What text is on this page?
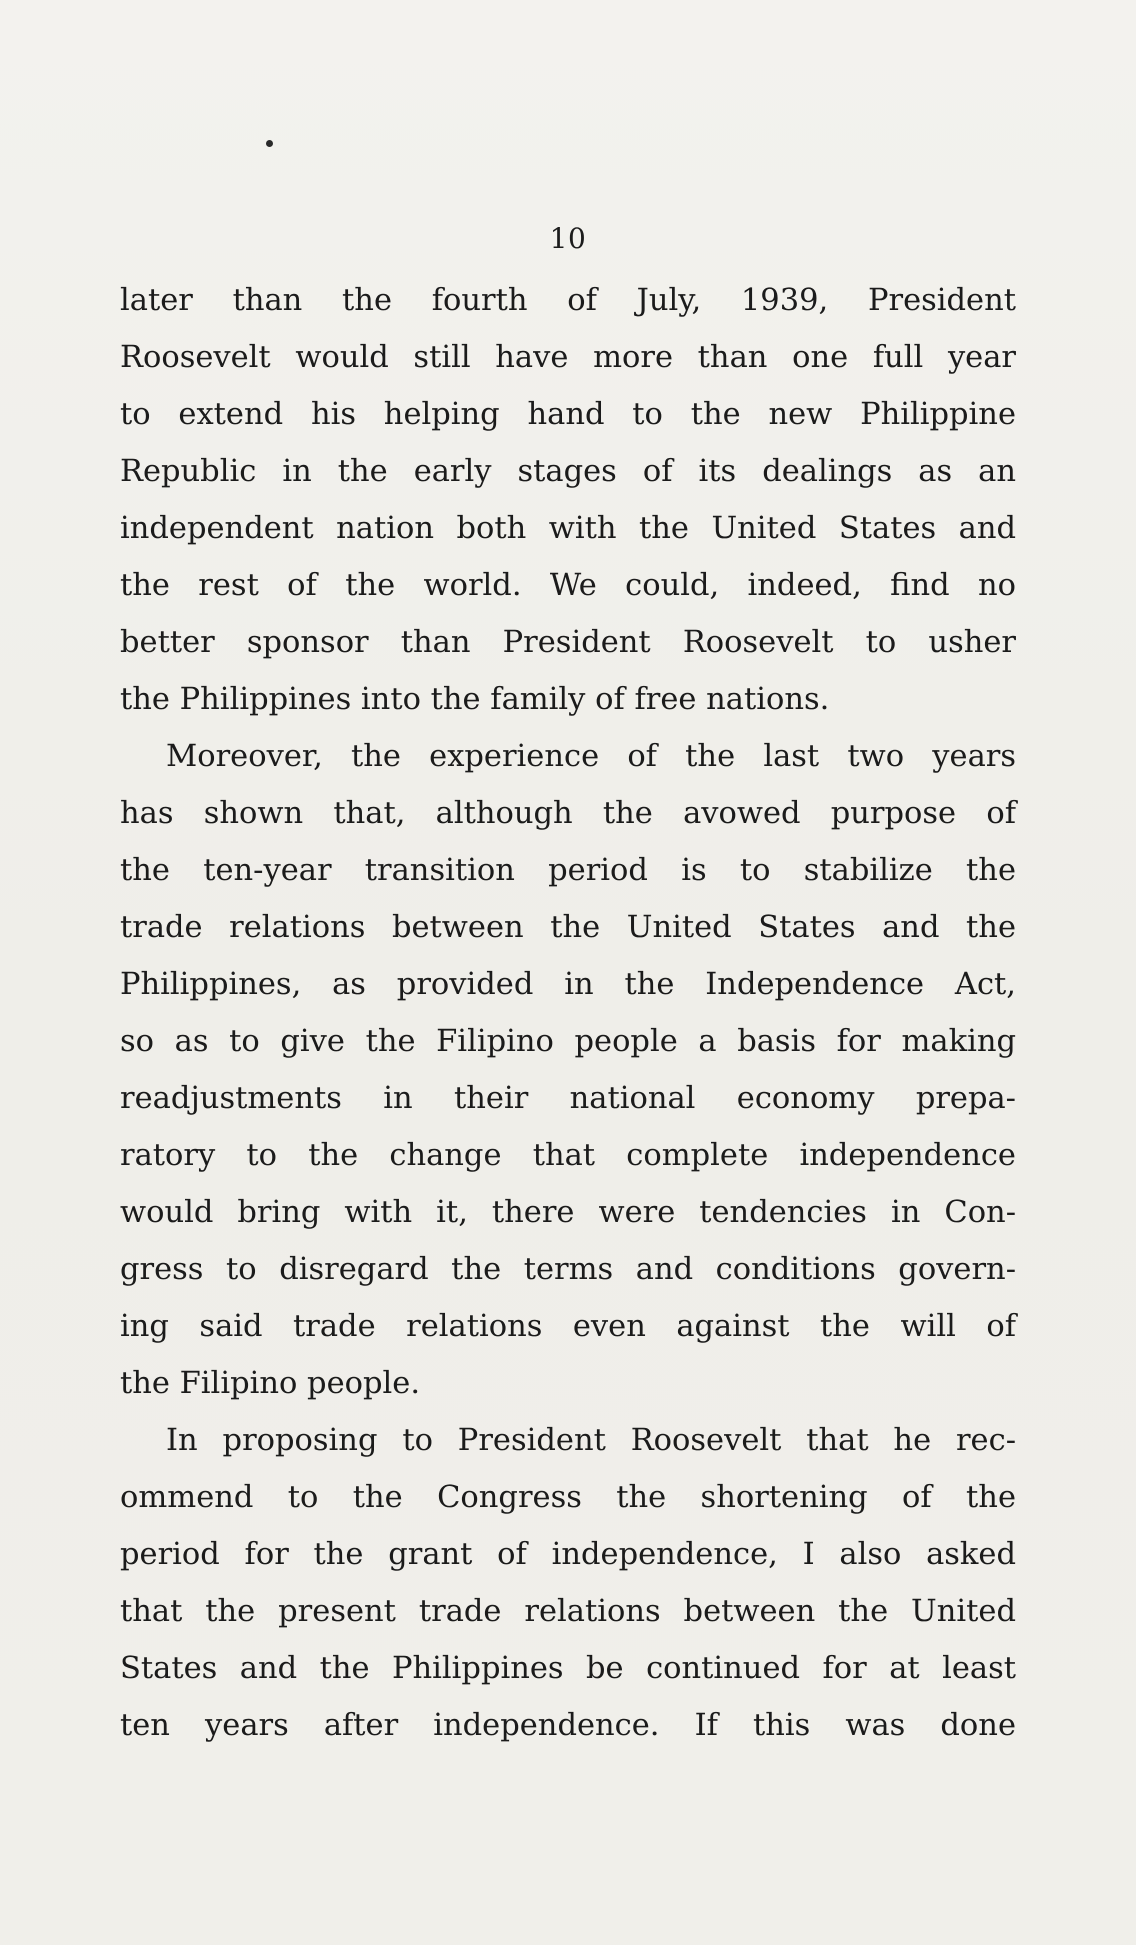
10

later than the fourth of July, 1939, President
Roosevelt would still have more than one full year
to extend his helping hand to the new Philippine
Republic in the early stages of its dealings as an
independent nation both with the United States and
the rest of the world. We could, indeed, find no
better sponsor than President Roosevelt to usher
the Philippines into the family of free nations.

Moreover, the experience of the last two years
has shown that, although the avowed purpose of
the ten-year transition period is to stabilize the
trade relations between the United States and the
Philippines, as provided in the Independence Act,
so as to give the Filipino people a basis for making
readjustments in their national economy prepa-
ratory to the change that complete independence
would bring with it, there were tendencies in Con-
gress to disregard the terms and conditions govern-
ing said trade relations even against the will of
the Filipino people.

In proposing to President Roosevelt that he rec-
ommend to the Congress the shortening of the
period for the grant of independence, I also asked
that the present trade relations between the United
States and the Philippines be continued for at least
ten years after independence. If this was done
